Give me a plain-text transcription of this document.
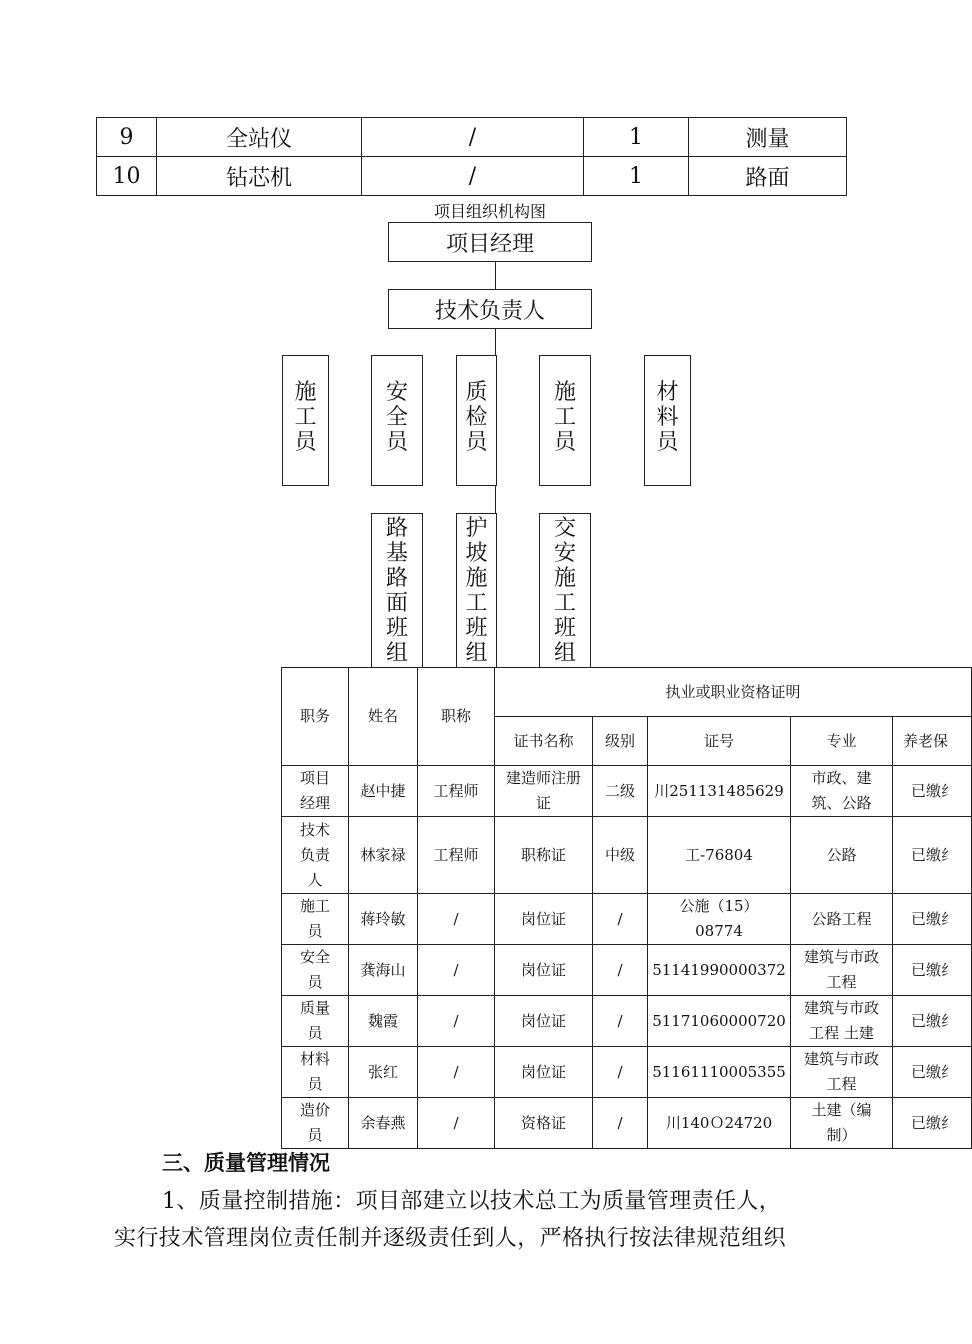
9	全站仪	/	1	测量
10	钻芯机	/	1	路面
项目组织机构图
项目经理
技术负责人
施工员
安全员
质检员
施工员
材料员
路基路面班组
护坡施工班组
交安施工班组
职务	姓名	职称	执业或职业资格证明				
			证书名称	级别	证号	专业	养老保
项目经理	赵中捷	工程师	建造师注册证	二级	川251131485629	市政、建筑、公路	已缴纟
技术负责人	林家禄	工程师	职称证	中级	工-76804	公路	已缴纟
施工员	蒋玲敏	/	岗位证	/	公施（15）08774	公路工程	已缴纟
安全员	龚海山	/	岗位证	/	51141990000372	建筑与市政工程	已缴纟
质量员	魏霞	/	岗位证	/	51171060000720	建筑与市政工程 土建	已缴纟
材料员	张红	/	岗位证	/	51161110005355	建筑与市政工程	已缴纟
造价员	余春燕	/	资格证	/	川140Ｏ24720	土建（编制）	已缴纟
三、质量管理情况
1、质量控制措施：项目部建立以技术总工为质量管理责任人，
实行技术管理岗位责任制并逐级责任到人，严格执行按法律规范组织
